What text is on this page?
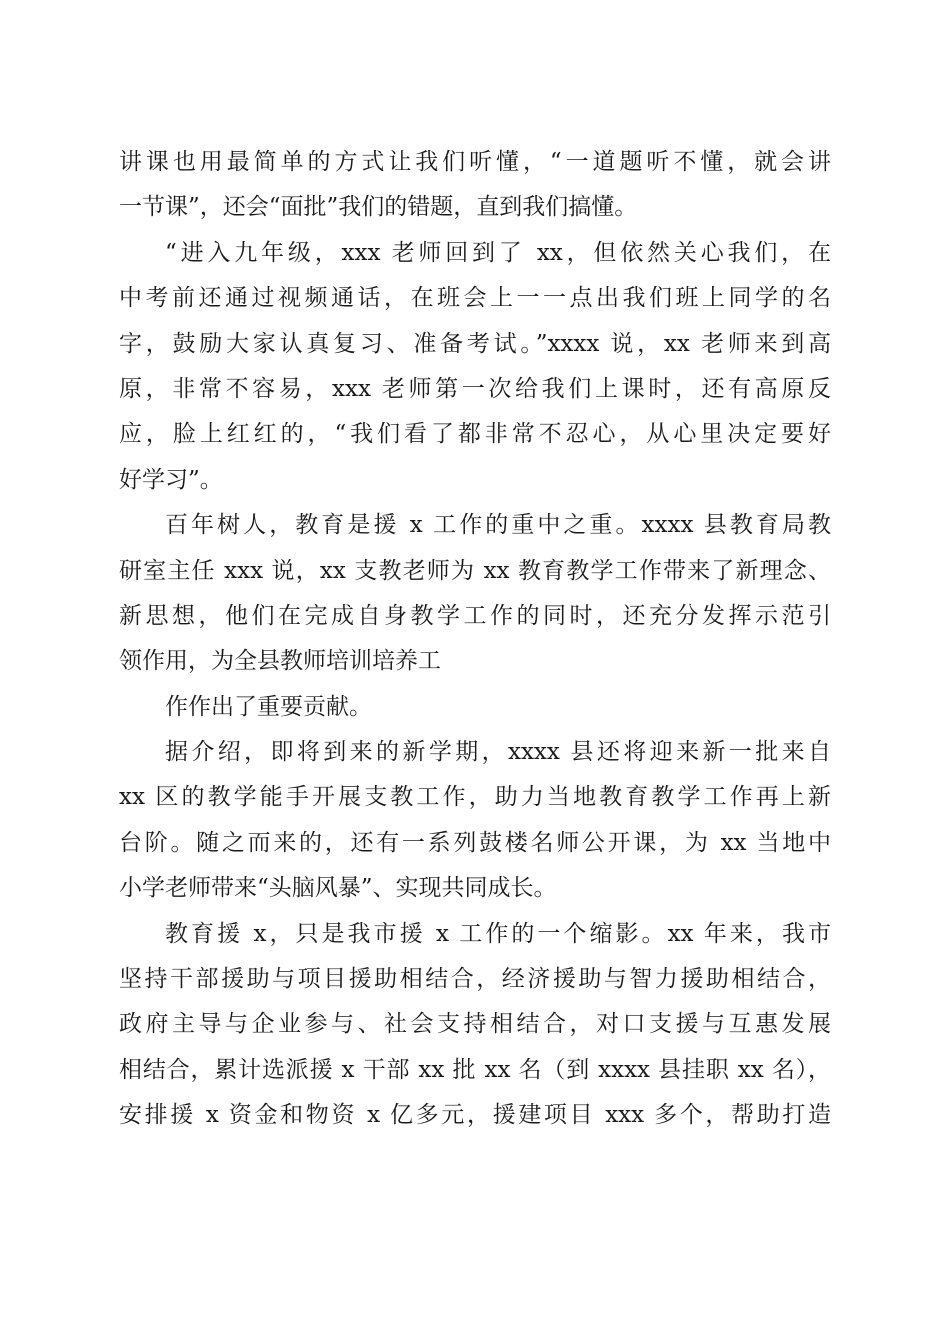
讲课也用最简单的方式让我们听懂，“一道题听不懂，就会讲
一节课”，还会“面批”我们的错题，直到我们搞懂。
“进入九年级，xxx 老师回到了 xx，但依然关心我们，在
中考前还通过视频通话，在班会上一一点出我们班上同学的名
字，鼓励大家认真复习、准备考试。”xxxx 说，xx 老师来到高
原，非常不容易，xxx 老师第一次给我们上课时，还有高原反
应，脸上红红的，“我们看了都非常不忍心，从心里决定要好
好学习”。
百年树人，教育是援 x 工作的重中之重。xxxx 县教育局教
研室主任 xxx 说，xx 支教老师为 xx 教育教学工作带来了新理念、
新思想，他们在完成自身教学工作的同时，还充分发挥示范引
领作用，为全县教师培训培养工
作作出了重要贡献。
据介绍，即将到来的新学期，xxxx 县还将迎来新一批来自
xx 区的教学能手开展支教工作，助力当地教育教学工作再上新
台阶。随之而来的，还有一系列鼓楼名师公开课，为 xx 当地中
小学老师带来“头脑风暴”、实现共同成长。
教育援 x，只是我市援 x 工作的一个缩影。xx 年来，我市
坚持干部援助与项目援助相结合，经济援助与智力援助相结合，
政府主导与企业参与、社会支持相结合，对口支援与互惠发展
相结合，累计选派援 x 干部 xx 批 xx 名（到 xxxx 县挂职 xx 名），
安排援 x 资金和物资 x 亿多元，援建项目 xxx 多个，帮助打造
